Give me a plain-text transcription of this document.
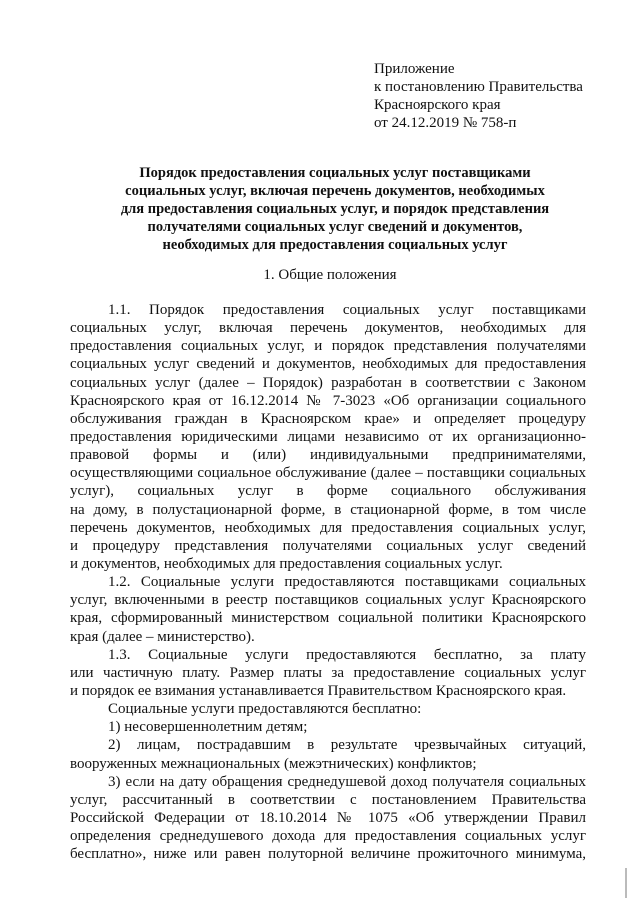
Приложение
к постановлению Правительства
Красноярского края
от 24.12.2019 № 758-п
Порядок предоставления социальных услуг поставщиками
социальных услуг, включая перечень документов, необходимых
для предоставления социальных услуг, и порядок представления
получателями социальных услуг сведений и документов,
необходимых для предоставления социальных услуг
1. Общие положения
1.1. Порядок предоставления социальных услуг поставщиками
социальных услуг, включая перечень документов, необходимых для
предоставления социальных услуг, и порядок представления получателями
социальных услуг сведений и документов, необходимых для предоставления
социальных услуг (далее – Порядок) разработан в соответствии с Законом
Красноярского края от 16.12.2014 № 7-3023 «Об организации социального
обслуживания граждан в Красноярском крае» и определяет процедуру
предоставления юридическими лицами независимо от их организационно-
правовой формы и (или) индивидуальными предпринимателями,
осуществляющими социальное обслуживание (далее – поставщики социальных
услуг), социальных услуг в форме социального обслуживания
на дому, в полустационарной форме, в стационарной форме, в том числе
перечень документов, необходимых для предоставления социальных услуг,
и процедуру представления получателями социальных услуг сведений
и документов, необходимых для предоставления социальных услуг.
1.2. Социальные услуги предоставляются поставщиками социальных
услуг, включенными в реестр поставщиков социальных услуг Красноярского
края, сформированный министерством социальной политики Красноярского
края (далее – министерство).
1.3. Социальные услуги предоставляются бесплатно, за плату
или частичную плату. Размер платы за предоставление социальных услуг
и порядок ее взимания устанавливается Правительством Красноярского края.
Социальные услуги предоставляются бесплатно:
1) несовершеннолетним детям;
2) лицам, пострадавшим в результате чрезвычайных ситуаций,
вооруженных межнациональных (межэтнических) конфликтов;
3) если на дату обращения среднедушевой доход получателя социальных
услуг, рассчитанный в соответствии с постановлением Правительства
Российской Федерации от 18.10.2014 № 1075 «Об утверждении Правил
определения среднедушевого дохода для предоставления социальных услуг
бесплатно», ниже или равен полуторной величине прожиточного минимума,
